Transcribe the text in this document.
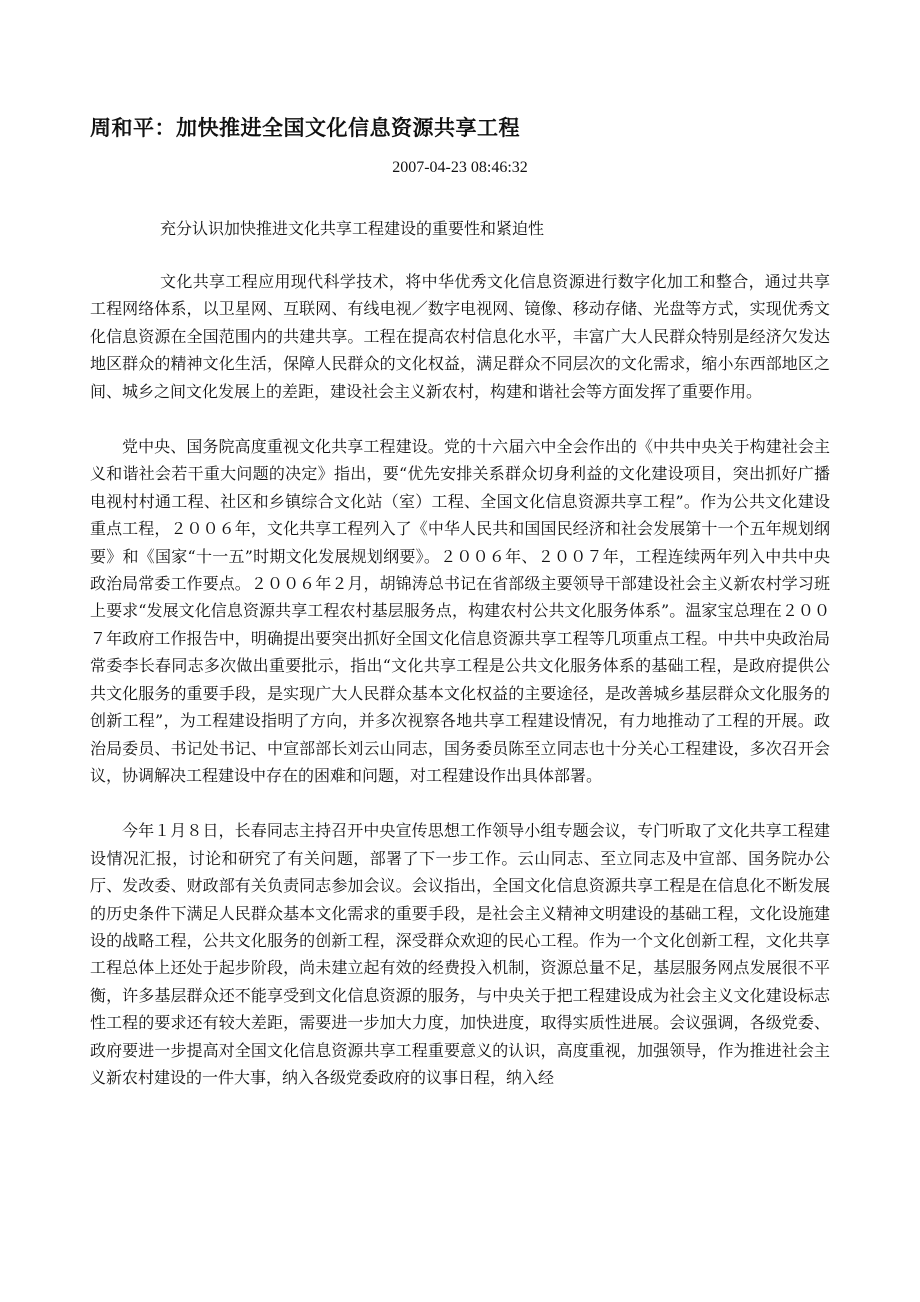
周和平：加快推进全国文化信息资源共享工程
2007-04-23 08:46:32
充分认识加快推进文化共享工程建设的重要性和紧迫性

文化共享工程应用现代科学技术，将中华优秀文化信息资源进行数字化加工和整合，通过共享工程网络体系，以卫星网、互联网、有线电视／数字电视网、镜像、移动存储、光盘等方式，实现优秀文化信息资源在全国范围内的共建共享。工程在提高农村信息化水平，丰富广大人民群众特别是经济欠发达地区群众的精神文化生活，保障人民群众的文化权益，满足群众不同层次的文化需求，缩小东西部地区之间、城乡之间文化发展上的差距，建设社会主义新农村，构建和谐社会等方面发挥了重要作用。

党中央、国务院高度重视文化共享工程建设。党的十六届六中全会作出的《中共中央关于构建社会主义和谐社会若干重大问题的决定》指出，要“优先安排关系群众切身利益的文化建设项目，突出抓好广播电视村村通工程、社区和乡镇综合文化站（室）工程、全国文化信息资源共享工程”。作为公共文化建设重点工程，２００６年，文化共享工程列入了《中华人民共和国国民经济和社会发展第十一个五年规划纲要》和《国家“十一五”时期文化发展规划纲要》。２００６年、２００７年，工程连续两年列入中共中央政治局常委工作要点。２００６年２月，胡锦涛总书记在省部级主要领导干部建设社会主义新农村学习班上要求“发展文化信息资源共享工程农村基层服务点，构建农村公共文化服务体系”。温家宝总理在２００７年政府工作报告中，明确提出要突出抓好全国文化信息资源共享工程等几项重点工程。中共中央政治局常委李长春同志多次做出重要批示，指出“文化共享工程是公共文化服务体系的基础工程，是政府提供公共文化服务的重要手段，是实现广大人民群众基本文化权益的主要途径，是改善城乡基层群众文化服务的创新工程”，为工程建设指明了方向，并多次视察各地共享工程建设情况，有力地推动了工程的开展。政治局委员、书记处书记、中宣部部长刘云山同志，国务委员陈至立同志也十分关心工程建设，多次召开会议，协调解决工程建设中存在的困难和问题，对工程建设作出具体部署。

今年１月８日，长春同志主持召开中央宣传思想工作领导小组专题会议，专门听取了文化共享工程建设情况汇报，讨论和研究了有关问题，部署了下一步工作。云山同志、至立同志及中宣部、国务院办公厅、发改委、财政部有关负责同志参加会议。会议指出，全国文化信息资源共享工程是在信息化不断发展的历史条件下满足人民群众基本文化需求的重要手段，是社会主义精神文明建设的基础工程，文化设施建设的战略工程，公共文化服务的创新工程，深受群众欢迎的民心工程。作为一个文化创新工程，文化共享工程总体上还处于起步阶段，尚未建立起有效的经费投入机制，资源总量不足，基层服务网点发展很不平衡，许多基层群众还不能享受到文化信息资源的服务，与中央关于把工程建设成为社会主义文化建设标志性工程的要求还有较大差距，需要进一步加大力度，加快进度，取得实质性进展。会议强调，各级党委、政府要进一步提高对全国文化信息资源共享工程重要意义的认识，高度重视，加强领导，作为推进社会主义新农村建设的一件大事，纳入各级党委政府的议事日程，纳入经
